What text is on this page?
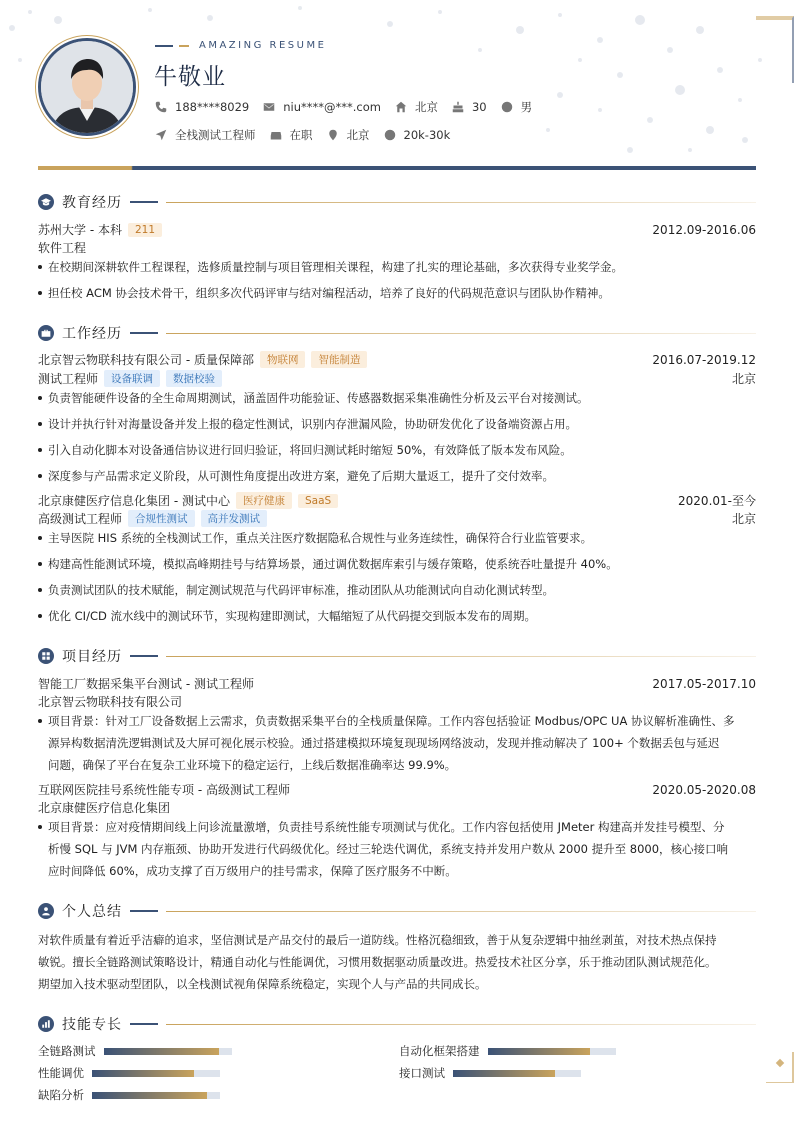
AMAZING RESUME
牛敬业
188****8029	niu****@***.com	北京	30	男
全栈测试工程师	在职	北京	20k-30k
教育经历
苏州大学 - 本科	211	2012.09-2016.06
软件工程
在校期间深耕软件工程课程，选修质量控制与项目管理相关课程，构建了扎实的理论基础，多次获得专业奖学金。
担任校 ACM 协会技术骨干，组织多次代码评审与结对编程活动，培养了良好的代码规范意识与团队协作精神。
工作经历
北京智云物联科技有限公司 - 质量保障部	物联网	智能制造	2016.07-2019.12
测试工程师	设备联调	数据校验	北京
负责智能硬件设备的全生命周期测试，涵盖固件功能验证、传感器数据采集准确性分析及云平台对接测试。
设计并执行针对海量设备并发上报的稳定性测试，识别内存泄漏风险，协助研发优化了设备端资源占用。
引入自动化脚本对设备通信协议进行回归验证，将回归测试耗时缩短 50%，有效降低了版本发布风险。
深度参与产品需求定义阶段，从可测性角度提出改进方案，避免了后期大量返工，提升了交付效率。
北京康健医疗信息化集团 - 测试中心	医疗健康	SaaS	2020.01-至今
高级测试工程师	合规性测试	高并发测试	北京
主导医院 HIS 系统的全栈测试工作，重点关注医疗数据隐私合规性与业务连续性，确保符合行业监管要求。
构建高性能测试环境，模拟高峰期挂号与结算场景，通过调优数据库索引与缓存策略，使系统吞吐量提升 40%。
负责测试团队的技术赋能，制定测试规范与代码评审标准，推动团队从功能测试向自动化测试转型。
优化 CI/CD 流水线中的测试环节，实现构建即测试，大幅缩短了从代码提交到版本发布的周期。
项目经历
智能工厂数据采集平台测试 - 测试工程师	2017.05-2017.10
北京智云物联科技有限公司
项目背景：针对工厂设备数据上云需求，负责数据采集平台的全栈质量保障。工作内容包括验证 Modbus/OPC UA 协议解析准确性、多
源异构数据清洗逻辑测试及大屏可视化展示校验。通过搭建模拟环境复现现场网络波动，发现并推动解决了 100+ 个数据丢包与延迟
问题，确保了平台在复杂工业环境下的稳定运行，上线后数据准确率达 99.9%。
互联网医院挂号系统性能专项 - 高级测试工程师	2020.05-2020.08
北京康健医疗信息化集团
项目背景：应对疫情期间线上问诊流量激增，负责挂号系统性能专项测试与优化。工作内容包括使用 JMeter 构建高并发挂号模型、分
析慢 SQL 与 JVM 内存瓶颈、协助开发进行代码级优化。经过三轮迭代调优，系统支持并发用户数从 2000 提升至 8000，核心接口响
应时间降低 60%，成功支撑了百万级用户的挂号需求，保障了医疗服务不中断。
个人总结
对软件质量有着近乎洁癖的追求，坚信测试是产品交付的最后一道防线。性格沉稳细致，善于从复杂逻辑中抽丝剥茧，对技术热点保持
敏锐。擅长全链路测试策略设计，精通自动化与性能调优，习惯用数据驱动质量改进。热爱技术社区分享，乐于推动团队测试规范化。
期望加入技术驱动型团队，以全栈测试视角保障系统稳定，实现个人与产品的共同成长。
技能专长
全链路测试	自动化框架搭建
性能调优	接口测试
缺陷分析
